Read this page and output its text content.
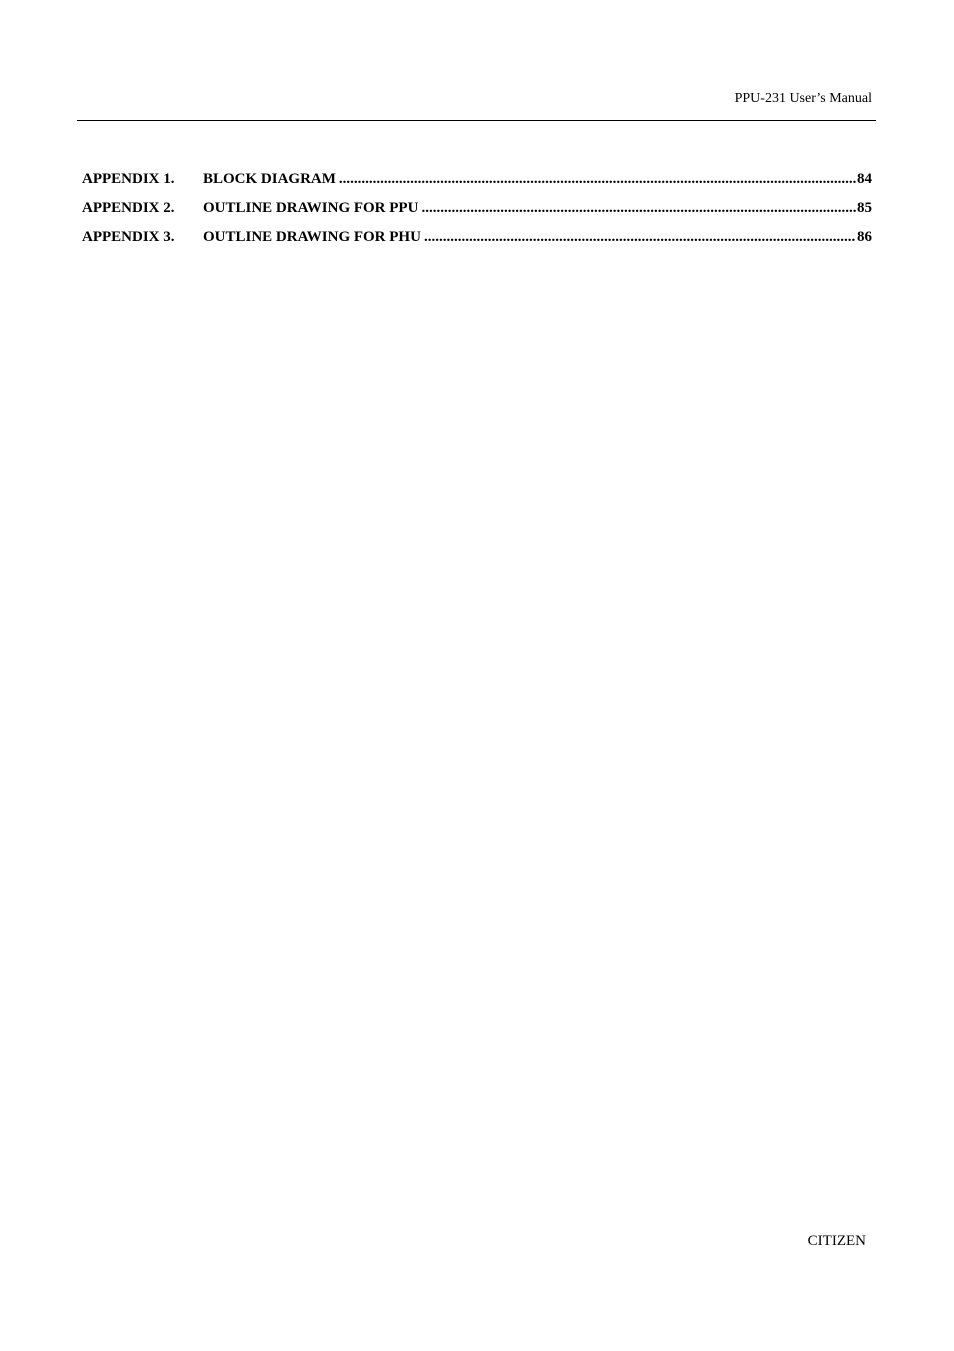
PPU-231 User’s Manual
APPENDIX 1.	BLOCK DIAGRAM .....	84
APPENDIX 2.	OUTLINE DRAWING FOR PPU .....	85
APPENDIX 3.	OUTLINE DRAWING FOR PHU .....	86
CITIZEN
